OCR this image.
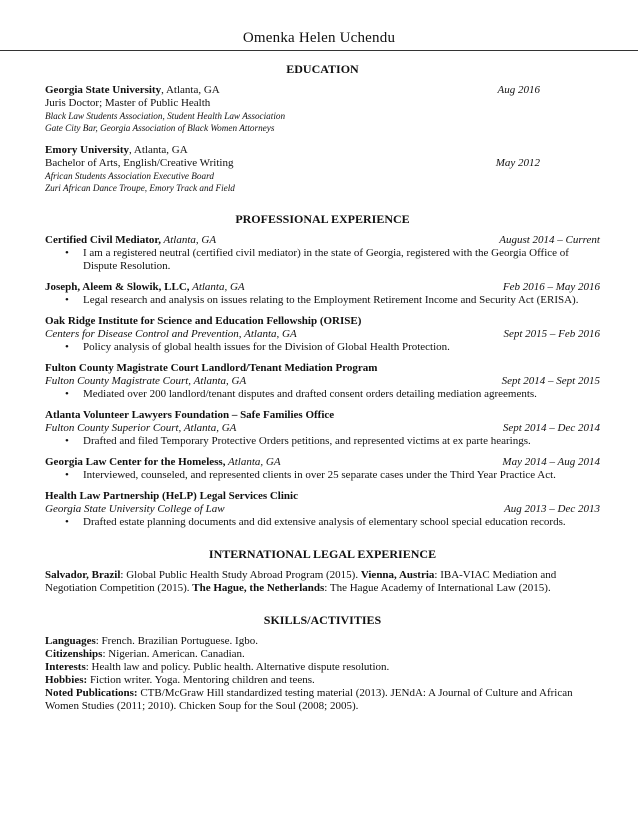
Omenka Helen Uchendu
EDUCATION
Georgia State University, Atlanta, GA	Aug 2016
Juris Doctor; Master of Public Health
Black Law Students Association, Student Health Law Association
Gate City Bar, Georgia Association of Black Women Attorneys
Emory University, Atlanta, GA
Bachelor of Arts, English/Creative Writing	May 2012
African Students Association Executive Board
Zuri African Dance Troupe, Emory Track and Field
PROFESSIONAL EXPERIENCE
Certified Civil Mediator, Atlanta, GA	August 2014 – Current
• I am a registered neutral (certified civil mediator) in the state of Georgia, registered with the Georgia Office of Dispute Resolution.
Joseph, Aleem & Slowik, LLC, Atlanta, GA	Feb 2016 – May 2016
• Legal research and analysis on issues relating to the Employment Retirement Income and Security Act (ERISA).
Oak Ridge Institute for Science and Education Fellowship (ORISE)
Centers for Disease Control and Prevention, Atlanta, GA	Sept 2015 – Feb 2016
• Policy analysis of global health issues for the Division of Global Health Protection.
Fulton County Magistrate Court Landlord/Tenant Mediation Program
Fulton County Magistrate Court, Atlanta, GA	Sept 2014 – Sept 2015
• Mediated over 200 landlord/tenant disputes and drafted consent orders detailing mediation agreements.
Atlanta Volunteer Lawyers Foundation – Safe Families Office
Fulton County Superior Court, Atlanta, GA	Sept 2014 – Dec 2014
• Drafted and filed Temporary Protective Orders petitions, and represented victims at ex parte hearings.
Georgia Law Center for the Homeless, Atlanta, GA	May 2014 – Aug 2014
• Interviewed, counseled, and represented clients in over 25 separate cases under the Third Year Practice Act.
Health Law Partnership (HeLP) Legal Services Clinic
Georgia State University College of Law	Aug 2013 – Dec 2013
• Drafted estate planning documents and did extensive analysis of elementary school special education records.
INTERNATIONAL LEGAL EXPERIENCE
Salvador, Brazil: Global Public Health Study Abroad Program (2015). Vienna, Austria: IBA-VIAC Mediation and Negotiation Competition (2015). The Hague, the Netherlands: The Hague Academy of International Law (2015).
SKILLS/ACTIVITIES
Languages: French. Brazilian Portuguese. Igbo.
Citizenships: Nigerian. American. Canadian.
Interests: Health law and policy. Public health. Alternative dispute resolution.
Hobbies: Fiction writer. Yoga. Mentoring children and teens.
Noted Publications: CTB/McGraw Hill standardized testing material (2013). JENdA: A Journal of Culture and African Women Studies (2011; 2010). Chicken Soup for the Soul (2008; 2005).
